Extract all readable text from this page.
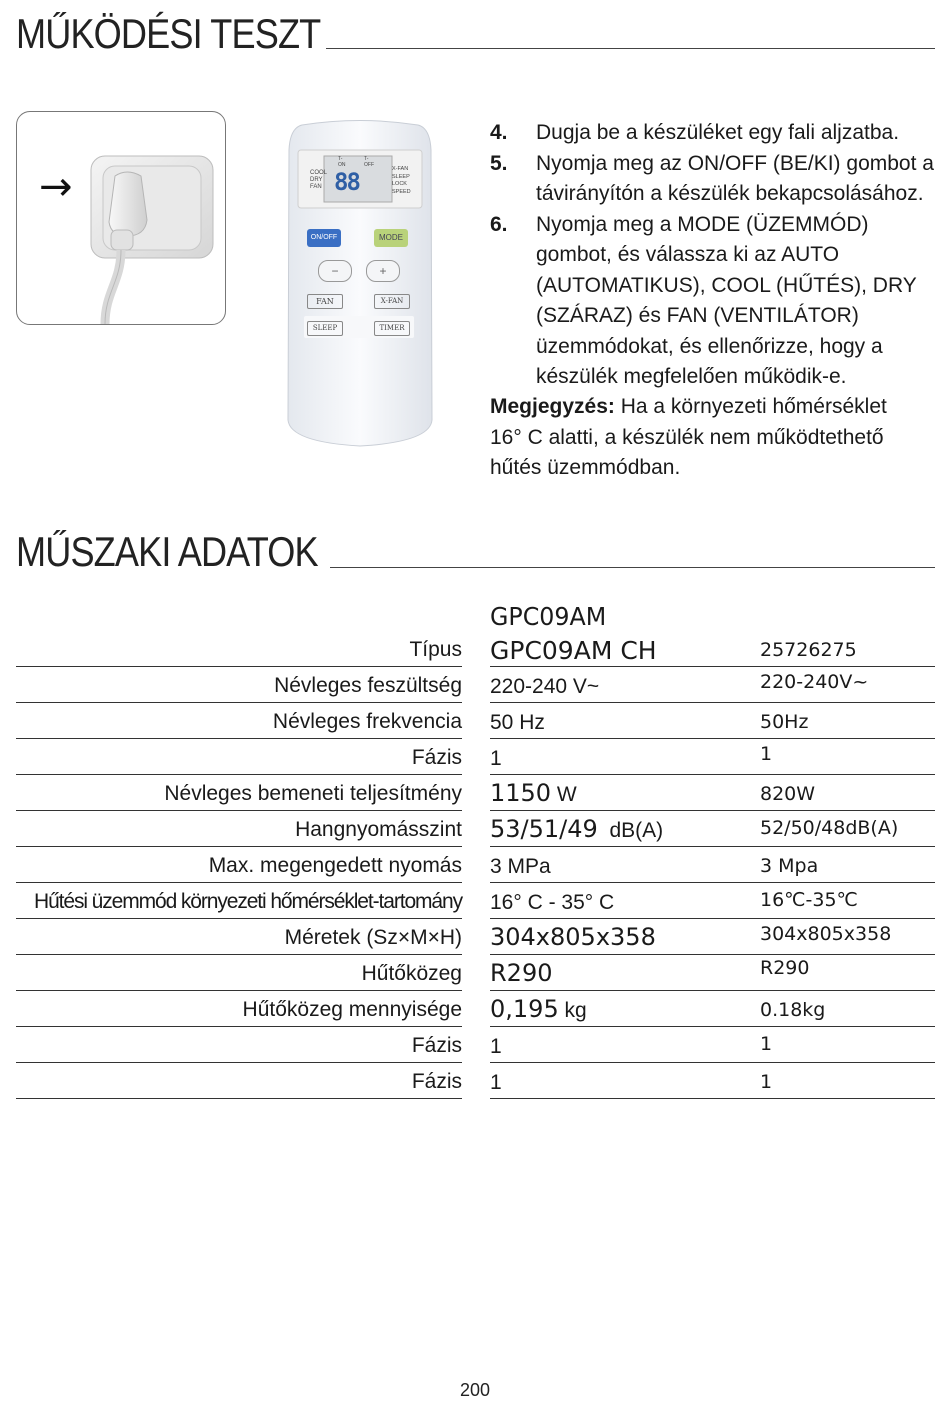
MŰKÖDÉSI TESZT
→
T-ON
T-OFF
COOL
DRY
FAN 88	X-FAN
SLEEP
LOCK
SPEED
ON/OFF	MODE
−	+
FAN	X-FAN
SLEEP	TIMER
4. Dugja be a készüléket egy fali aljzatba.
5. Nyomja meg az ON/OFF (BE/KI) gombot a távirányítón a készülék bekapcsolásához.
6. Nyomja meg a MODE (ÜZEMMÓD) gombot, és válassza ki az AUTO (AUTOMATIKUS), COOL (HŰTÉS), DRY (SZÁRAZ) és FAN (VENTILÁTOR) üzemmódokat, és ellenőrizze, hogy a készülék megfelelően működik-e.
Megjegyzés: Ha a környezeti hőmérséklet 16° C alatti, a készülék nem működtethető hűtés üzemmódban.
MŰSZAKI ADATOK
GPC09AM
Típus GPC09AM CH	25726275
Névleges feszültség 220-240 V~	220-240V~
Névleges frekvencia 50 Hz	50Hz
Fázis 1	1
Névleges bemeneti teljesítmény 1150 W	820W
Hangnyomásszint 53/51/49  dB(A)	52/50/48dB(A)
Max. megengedett nyomás 3 MPa	3 Mpa
Hűtési üzemmód környezeti hőmérséklet-tartomány 16° C - 35° C	16℃-35℃
Méretek (Sz×M×H) 304x805x358	304x805x358
Hűtőközeg R290	R290
Hűtőközeg mennyisége 0,195 kg	0.18kg
Fázis 1	1
Fázis 1	1
200
